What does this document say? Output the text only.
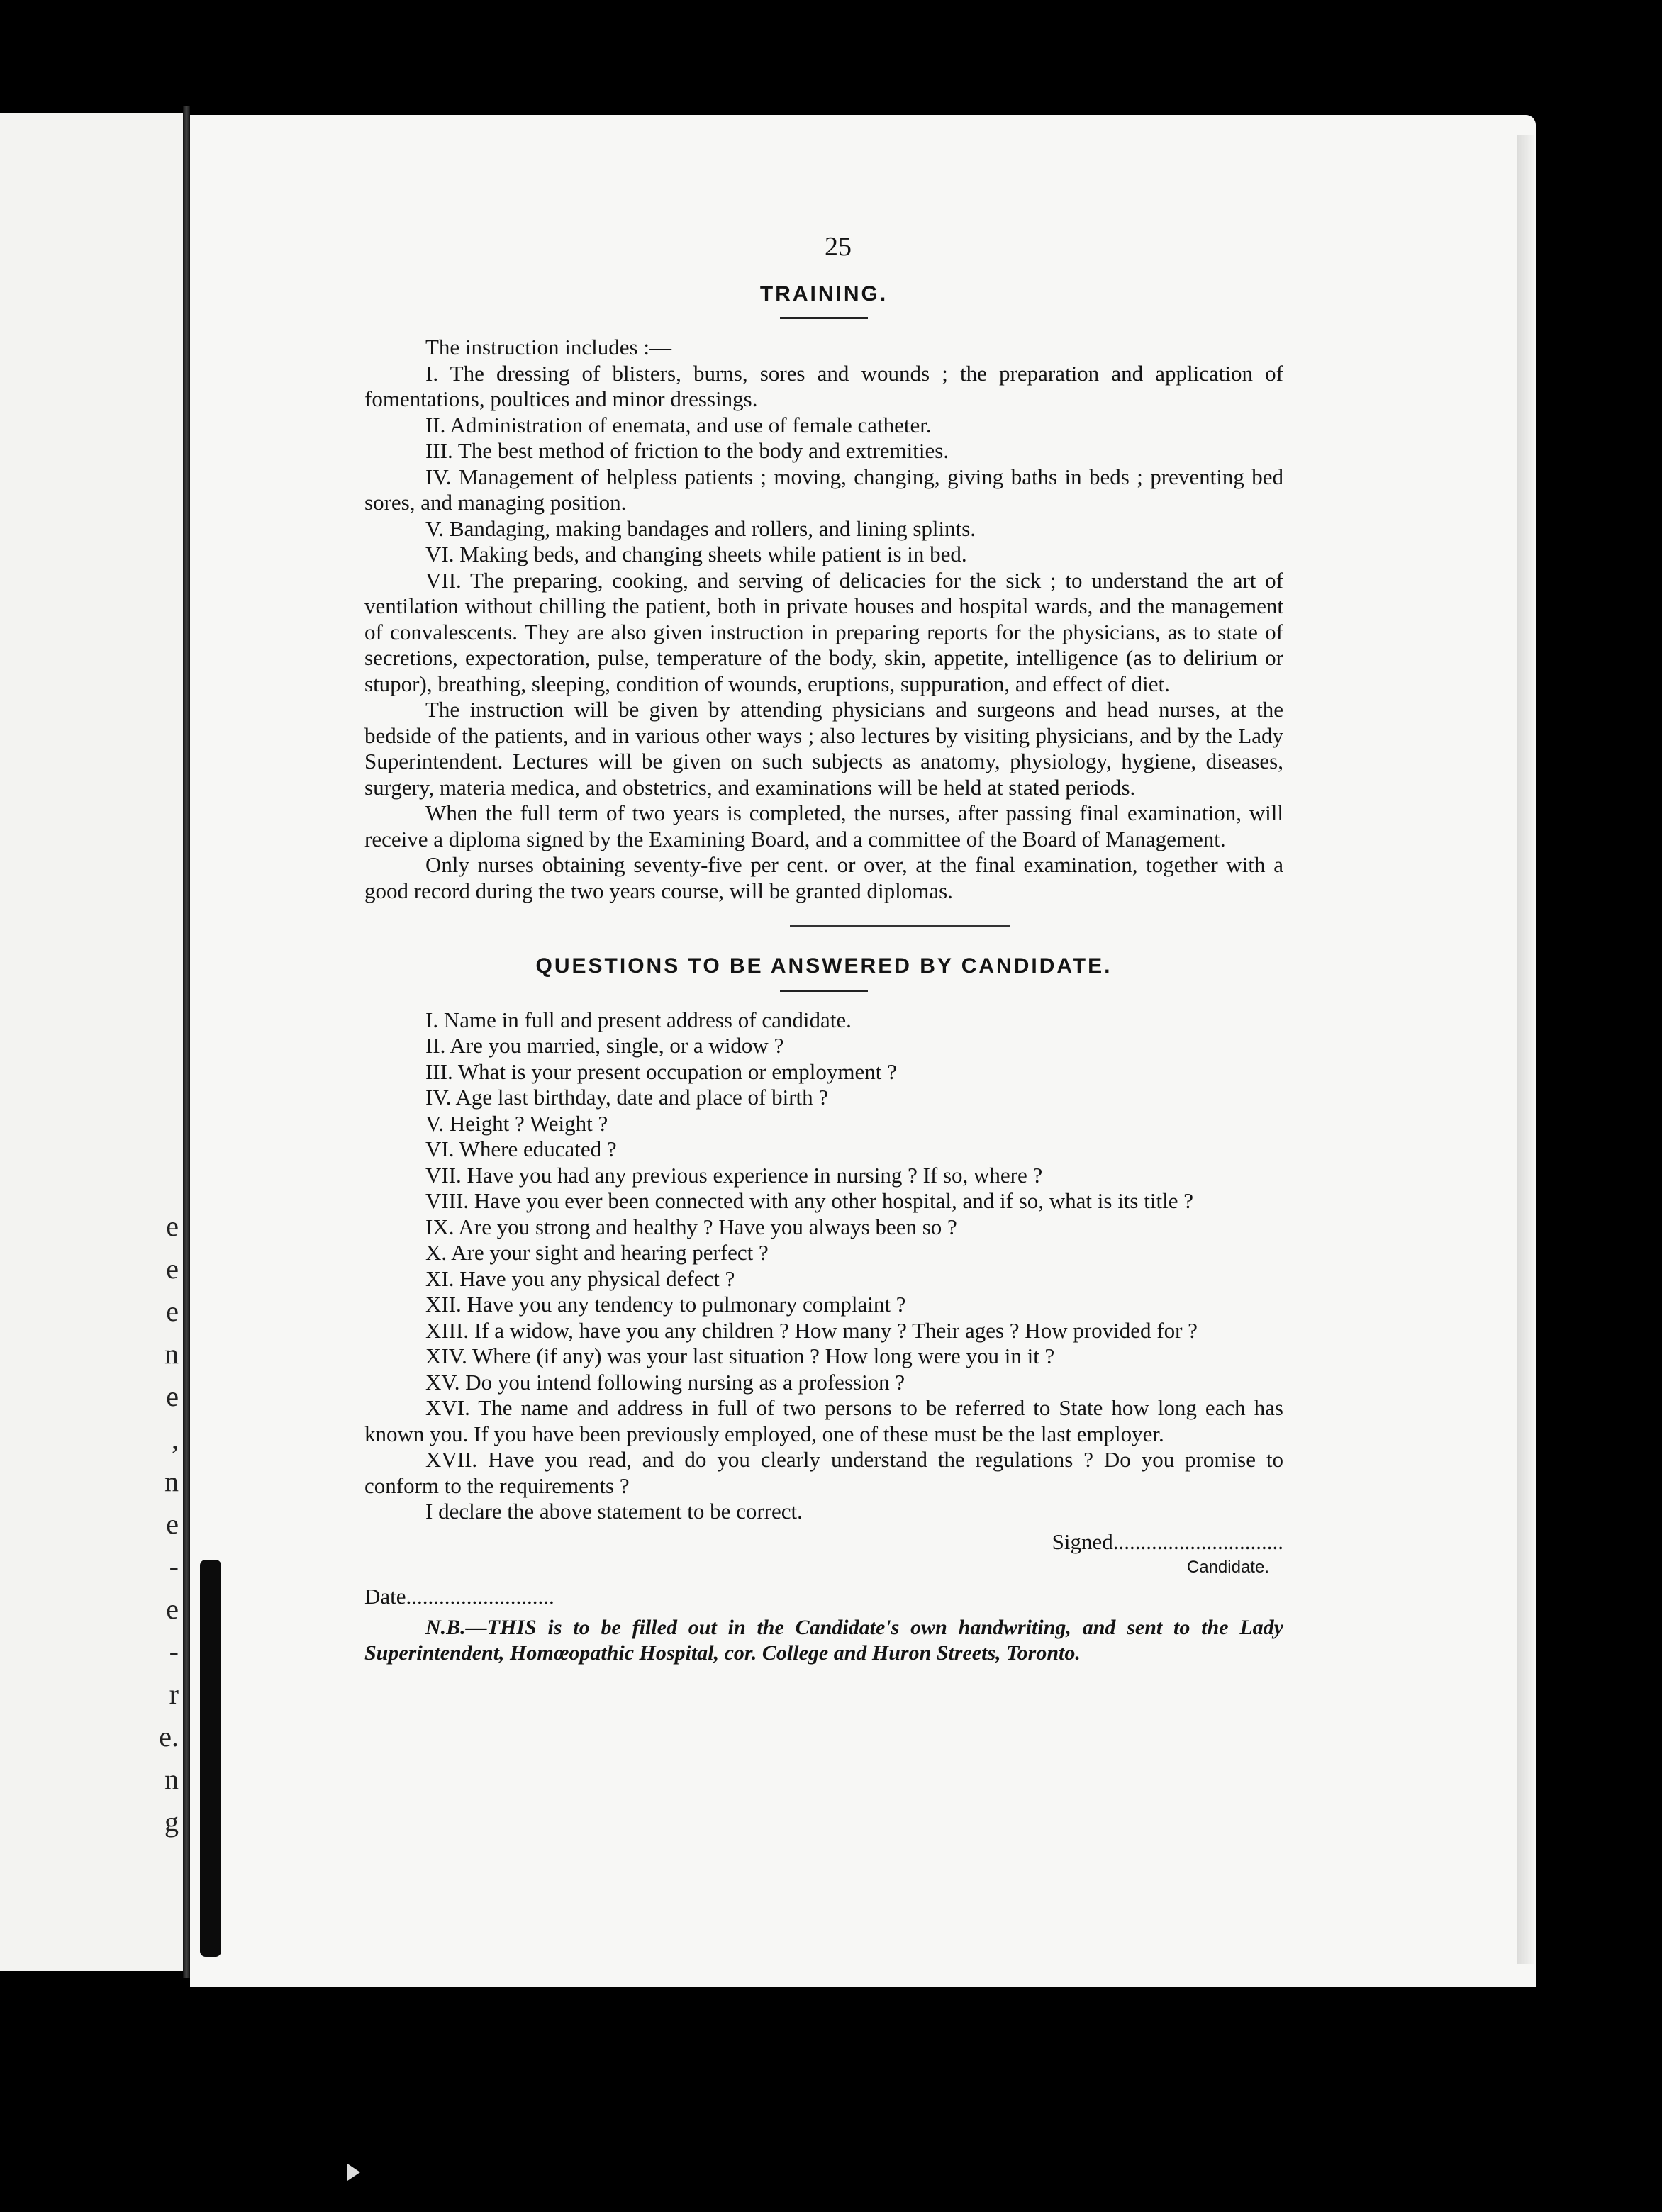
e
e
e
n
e
,
n
e
-
e
-
r
e.
n
g
25
TRAINING.

The instruction includes :—

I. The dressing of blisters, burns, sores and wounds ; the preparation and application of fomentations, poultices and minor dressings.

II. Administration of enemata, and use of female catheter.

III. The best method of friction to the body and extremities.

IV. Management of helpless patients ; moving, changing, giving baths in beds ; preventing bed sores, and managing position.

V. Bandaging, making bandages and rollers, and lining splints.

VI. Making beds, and changing sheets while patient is in bed.

VII. The preparing, cooking, and serving of delicacies for the sick ; to understand the art of ventilation without chilling the patient, both in private houses and hospital wards, and the management of convalescents. They are also given instruction in preparing reports for the physicians, as to state of secretions, expectoration, pulse, temperature of the body, skin, appetite, intelligence (as to delirium or stupor), breathing, sleeping, condition of wounds, eruptions, suppuration, and effect of diet.

The instruction will be given by attending physicians and surgeons and head nurses, at the bedside of the patients, and in various other ways ; also lectures by visiting physicians, and by the Lady Superintendent. Lectures will be given on such subjects as anatomy, physiology, hygiene, diseases, surgery, materia medica, and obstetrics, and examinations will be held at stated periods.

When the full term of two years is completed, the nurses, after passing final examination, will receive a diploma signed by the Examining Board, and a committee of the Board of Management.

Only nurses obtaining seventy-five per cent. or over, at the final examination, together with a good record during the two years course, will be granted diplomas.

QUESTIONS TO BE ANSWERED BY CANDIDATE.

I. Name in full and present address of candidate.

II. Are you married, single, or a widow ?

III. What is your present occupation or employment ?

IV. Age last birthday, date and place of birth ?

V. Height ? Weight ?

VI. Where educated ?

VII. Have you had any previous experience in nursing ? If so, where ?

VIII. Have you ever been connected with any other hospital, and if so, what is its title ?

IX. Are you strong and healthy ? Have you always been so ?

X. Are your sight and hearing perfect ?

XI. Have you any physical defect ?

XII. Have you any tendency to pulmonary complaint ?

XIII. If a widow, have you any children ? How many ? Their ages ? How provided for ?

XIV. Where (if any) was your last situation ? How long were you in it ?

XV. Do you intend following nursing as a profession ?

XVI. The name and address in full of two persons to be referred to State how long each has known you. If you have been previously employed, one of these must be the last employer.

XVII. Have you read, and do you clearly understand the regulations ? Do you promise to conform to the requirements ?

I declare the above statement to be correct.

Signed...............................

Candidate.

Date...........................

N.B.—THIS is to be filled out in the Candidate's own handwriting, and sent to the Lady Superintendent, Homœopathic Hospital, cor. College and Huron Streets, Toronto.
